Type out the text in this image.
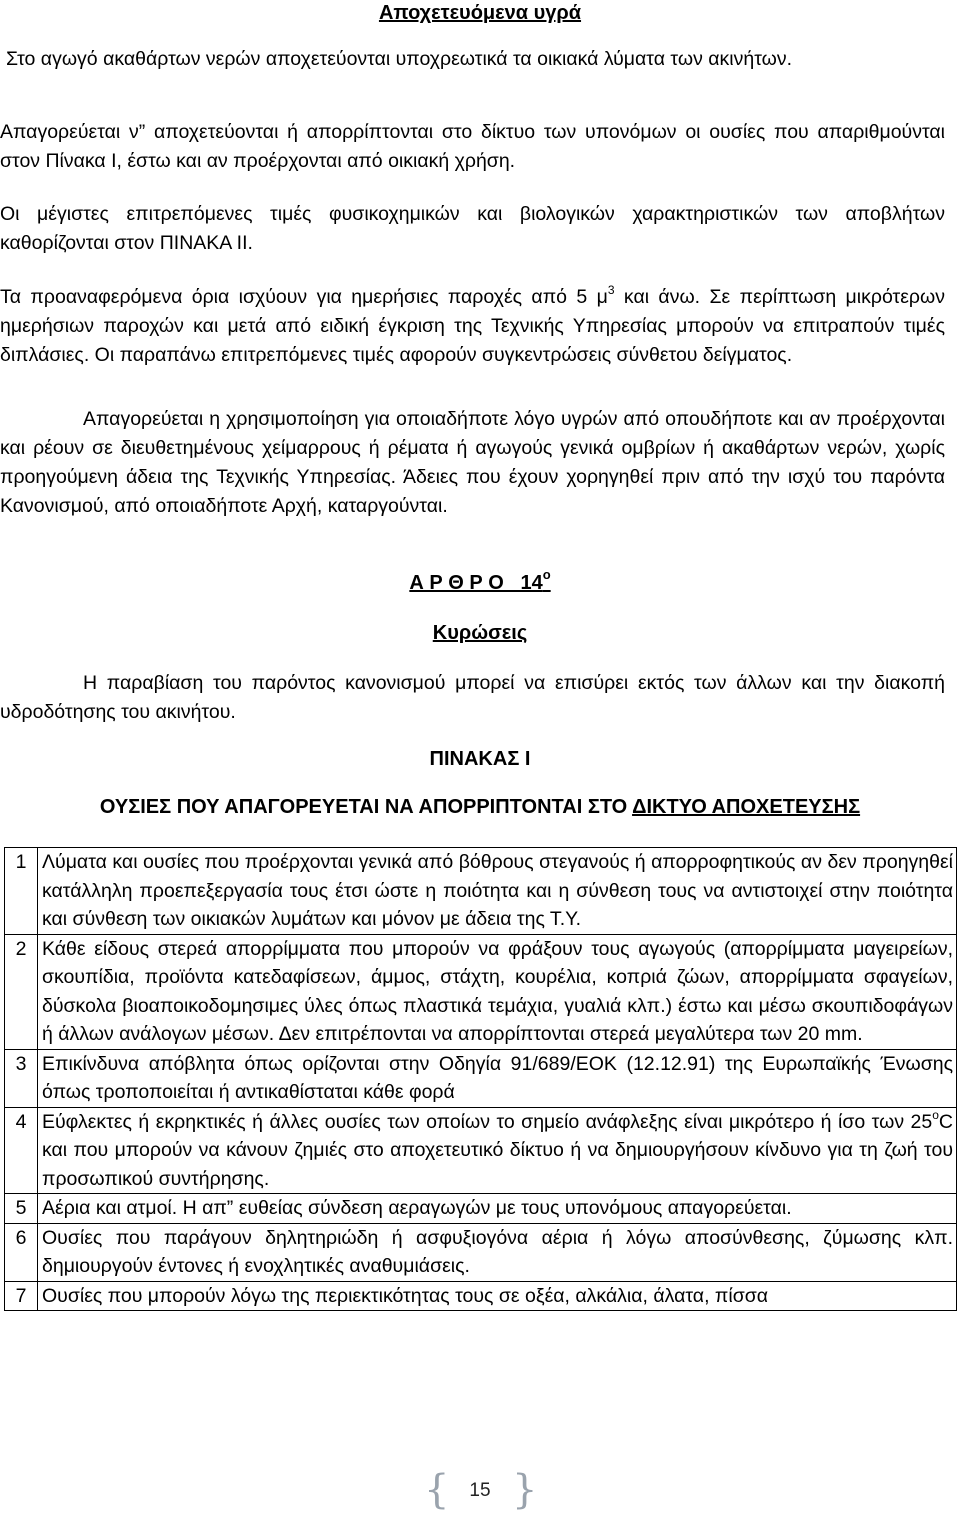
Αποχετευόμενα υγρά

Στο αγωγό ακαθάρτων νερών αποχετεύονται υποχρεωτικά τα οικιακά λύματα των ακινήτων.

Απαγορεύεται ν” αποχετεύονται ή απορρίπτονται στο δίκτυο των υπονόμων οι ουσίες που απαριθμούνται στον Πίνακα Ι, έστω και αν προέρχονται από οικιακή χρήση.

Οι μέγιστες επιτρεπόμενες τιμές φυσικοχημικών και βιολογικών χαρακτηριστικών των αποβλήτων καθορίζονται στον ΠΙΝΑΚΑ ΙΙ.

Τα προαναφερόμενα όρια ισχύουν για ημερήσιες παροχές από 5 $\mu^3$ και άνω. Σε περίπτωση μικρότερων ημερήσιων παροχών και μετά από ειδική έγκριση της Τεχνικής Υπηρεσίας μπορούν να επιτραπούν τιμές διπλάσιες. Οι παραπάνω επιτρεπόμενες τιμές αφορούν συγκεντρώσεις σύνθετου δείγματος.

Απαγορεύεται η χρησιμοποίηση για οποιαδήποτε λόγο υγρών από οπουδήποτε και αν προέρχονται και ρέουν σε διευθετημένους χείμαρρους ή ρέματα ή αγωγούς γενικά ομβρίων ή ακαθάρτων νερών, χωρίς προηγούμενη άδεια της Τεχνικής Υπηρεσίας. Άδειες που έχουν χορηγηθεί πριν από την ισχύ του παρόντα Κανονισμού, από οποιαδήποτε Αρχή, καταργούνται.

Α Ρ Θ Ρ Ο   $14^o$
Κυρώσεις

Η παραβίαση του παρόντος κανονισμού μπορεί να επισύρει εκτός των άλλων και την διακοπή υδροδότησης του ακινήτου.

ΠΙΝΑΚΑΣ Ι
ΟΥΣΙΕΣ ΠΟΥ ΑΠΑΓΟΡΕΥΕΤΑΙ ΝΑ ΑΠΟΡΡΙΠΤΟΝΤΑΙ ΣΤΟ ΔΙΚΤΥΟ ΑΠΟΧΕΤΕΥΣΗΣ
1	Λύματα και ουσίες που προέρχονται γενικά από βόθρους στεγανούς ή απορροφητικούς αν δεν προηγηθεί κατάλληλη προεπεξεργασία τους έτσι ώστε η ποιότητα και η σύνθεση τους να αντιστοιχεί στην ποιότητα και σύνθεση των οικιακών λυμάτων και μόνον με άδεια της Τ.Υ.
2	Κάθε είδους στερεά απορρίμματα που μπορούν να φράξουν τους αγωγούς (απορρίμματα μαγειρείων, σκουπίδια, προϊόντα κατεδαφίσεων, άμμος, στάχτη, κουρέλια, κοπριά ζώων, απορρίμματα σφαγείων, δύσκολα βιοαποικοδομησιμες ύλες όπως πλαστικά τεμάχια, γυαλιά κλπ.) έστω και μέσω σκουπιδοφάγων ή άλλων ανάλογων μέσων. Δεν επιτρέπονται να απορρίπτονται στερεά μεγαλύτερα των 20 mm.
3	Επικίνδυνα απόβλητα όπως ορίζονται στην Οδηγία 91/689/ΕΟΚ (12.12.91) της Ευρωπαϊκής Ένωσης όπως τροποποιείται ή αντικαθίσταται κάθε φορά
4	Εύφλεκτες ή εκρηκτικές ή άλλες ουσίες των οποίων το σημείο ανάφλεξης είναι μικρότερο ή ίσο των $25^oC$ και που μπορούν να κάνουν ζημιές στο αποχετευτικό δίκτυο ή να δημιουργήσουν κίνδυνο για τη ζωή του προσωπικού συντήρησης.
5	Αέρια και ατμοί. Η απ” ευθείας σύνδεση αεραγωγών με τους υπονόμους απαγορεύεται.
6	Ουσίες που παράγουν δηλητηριώδη ή ασφυξιογόνα αέρια ή λόγω αποσύνθεσης, ζύμωσης κλπ. δημιουργούν έντονες ή ενοχλητικές αναθυμιάσεις.
7	Ουσίες που μπορούν λόγω της περιεκτικότητας τους σε οξέα, αλκάλια, άλατα, πίσσα
{ }
15
